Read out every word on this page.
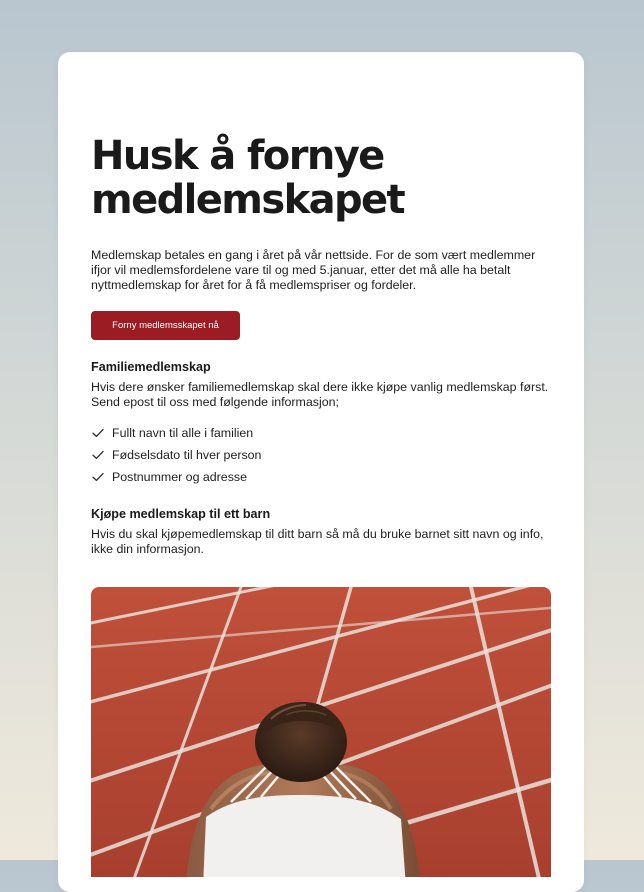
Husk å fornye
medlemskapet

Medlemskap betales en gang i året på vår nettside. For de som vært medlemmer ifjor vil medlemsfordelene vare til og med 5.januar, etter det må alle ha betalt nyttmedlemskap for året for å få medlemspriser og fordeler.

Forny medlemsskapet nå
Familiemedlemskap

Hvis dere ønsker familiemedlemskap skal dere ikke kjøpe vanlig medlemskap først. Send epost til oss med følgende informasjon;

Fullt navn til alle i familien
Fødselsdato til hver person
Postnummer og adresse
Kjøpe medlemskap til ett barn

Hvis du skal kjøpemedlemskap til ditt barn så må du bruke barnet sitt navn og info, ikke din informasjon.
